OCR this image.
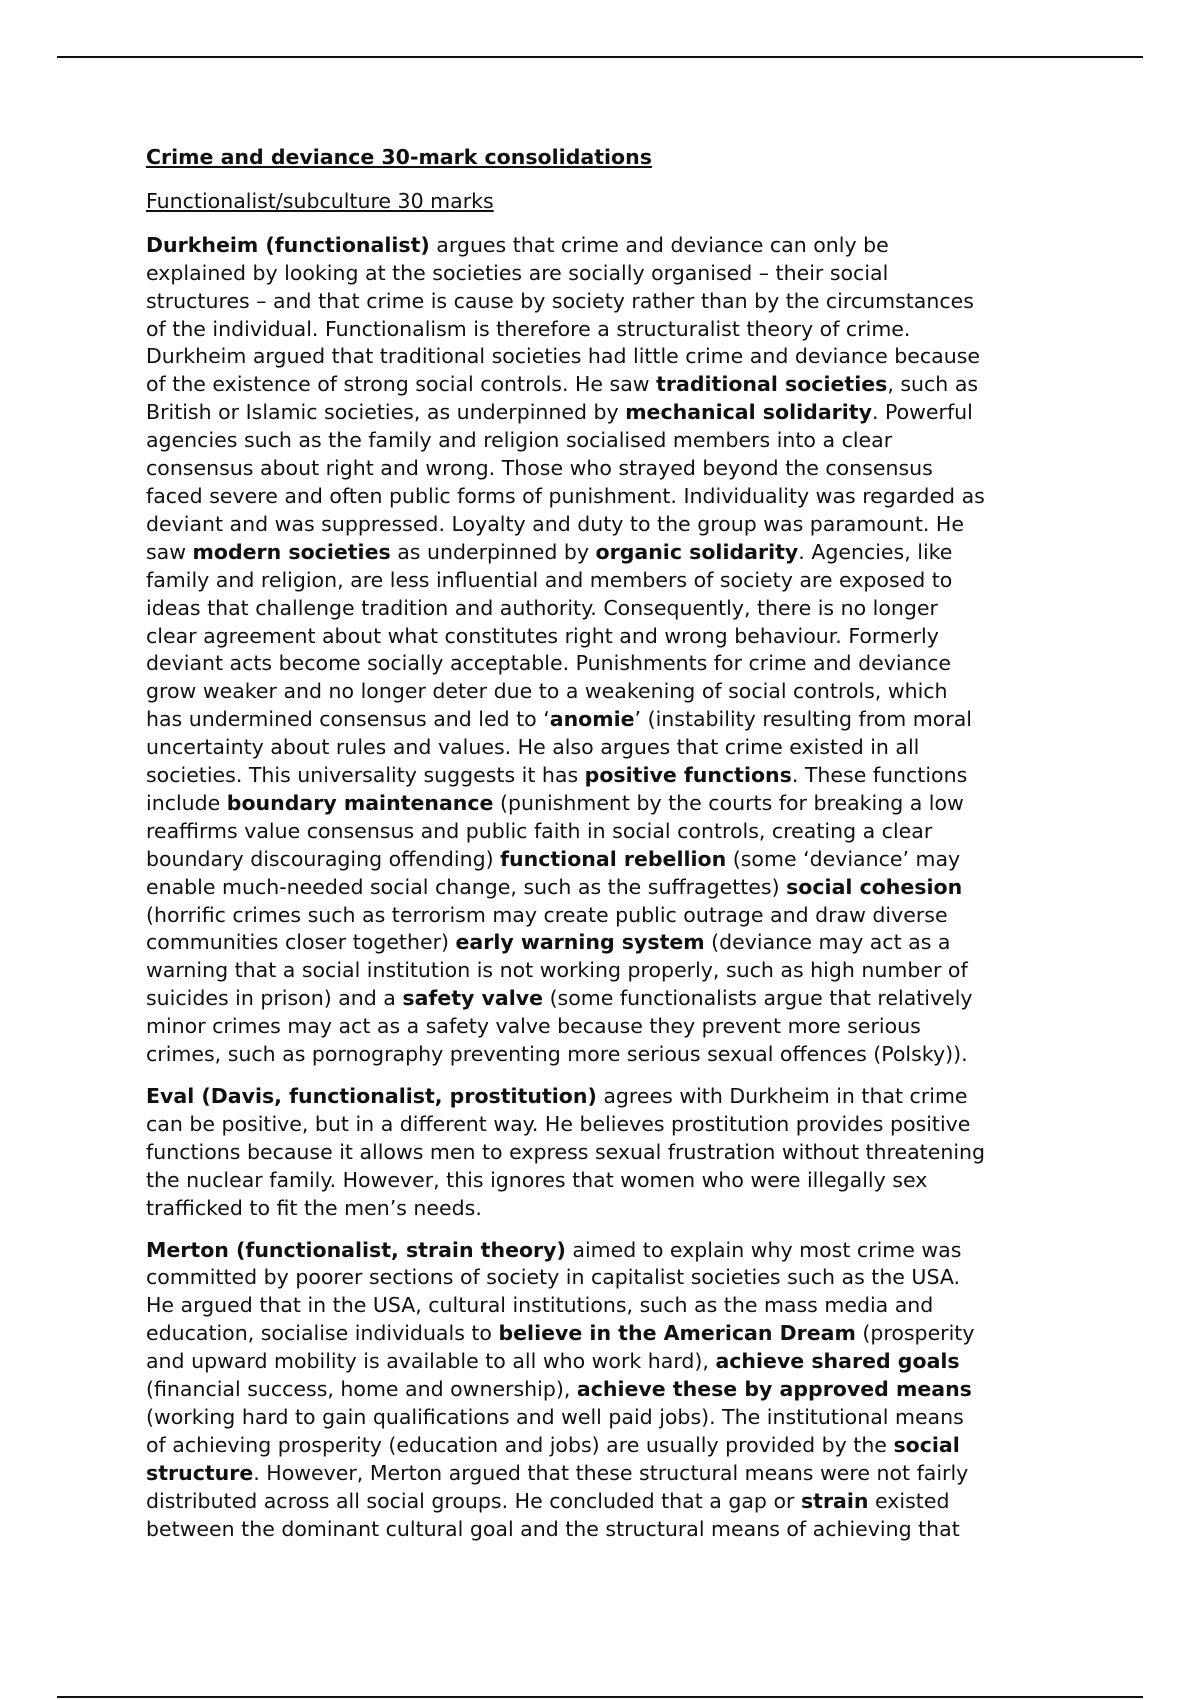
Crime and deviance 30-mark consolidations
Functionalist/subculture 30 marks

Durkheim (functionalist) argues that crime and deviance can only be
explained by looking at the societies are socially organised – their social
structures – and that crime is cause by society rather than by the circumstances
of the individual. Functionalism is therefore a structuralist theory of crime.
Durkheim argued that traditional societies had little crime and deviance because
of the existence of strong social controls. He saw traditional societies, such as
British or Islamic societies, as underpinned by mechanical solidarity. Powerful
agencies such as the family and religion socialised members into a clear
consensus about right and wrong. Those who strayed beyond the consensus
faced severe and often public forms of punishment. Individuality was regarded as
deviant and was suppressed. Loyalty and duty to the group was paramount. He
saw modern societies as underpinned by organic solidarity. Agencies, like
family and religion, are less influential and members of society are exposed to
ideas that challenge tradition and authority. Consequently, there is no longer
clear agreement about what constitutes right and wrong behaviour. Formerly
deviant acts become socially acceptable. Punishments for crime and deviance
grow weaker and no longer deter due to a weakening of social controls, which
has undermined consensus and led to ‘anomie’ (instability resulting from moral
uncertainty about rules and values. He also argues that crime existed in all
societies. This universality suggests it has positive functions. These functions
include boundary maintenance (punishment by the courts for breaking a low
reaffirms value consensus and public faith in social controls, creating a clear
boundary discouraging offending) functional rebellion (some ‘deviance’ may
enable much-needed social change, such as the suffragettes) social cohesion
(horrific crimes such as terrorism may create public outrage and draw diverse
communities closer together) early warning system (deviance may act as a
warning that a social institution is not working properly, such as high number of
suicides in prison) and a safety valve (some functionalists argue that relatively
minor crimes may act as a safety valve because they prevent more serious
crimes, such as pornography preventing more serious sexual offences (Polsky)).

Eval (Davis, functionalist, prostitution) agrees with Durkheim in that crime
can be positive, but in a different way. He believes prostitution provides positive
functions because it allows men to express sexual frustration without threatening
the nuclear family. However, this ignores that women who were illegally sex
trafficked to fit the men’s needs.

Merton (functionalist, strain theory) aimed to explain why most crime was
committed by poorer sections of society in capitalist societies such as the USA.
He argued that in the USA, cultural institutions, such as the mass media and
education, socialise individuals to believe in the American Dream (prosperity
and upward mobility is available to all who work hard), achieve shared goals
(financial success, home and ownership), achieve these by approved means
(working hard to gain qualifications and well paid jobs). The institutional means
of achieving prosperity (education and jobs) are usually provided by the social
structure. However, Merton argued that these structural means were not fairly
distributed across all social groups. He concluded that a gap or strain existed
between the dominant cultural goal and the structural means of achieving that
